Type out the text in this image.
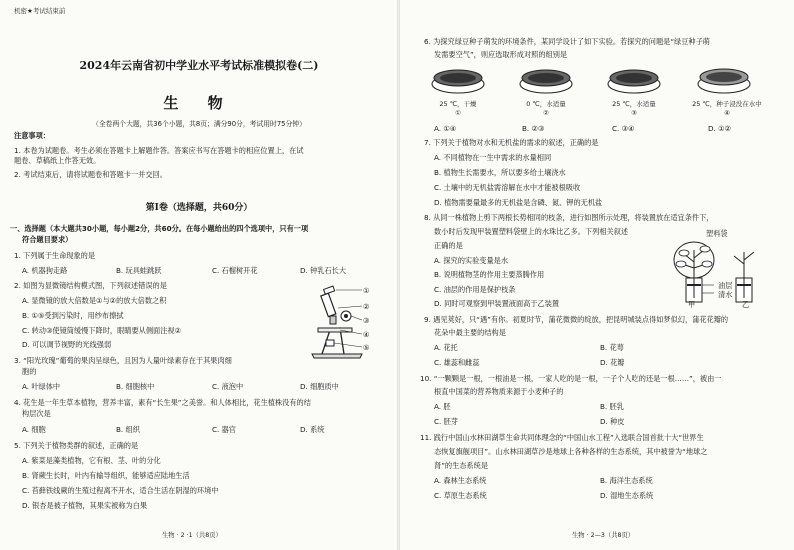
机密★考试结束前
2024年云南省初中学业水平考试标准模拟卷(二)
生 物
（全卷两个大题，共36个小题，共8页；满分90分，考试用时75分钟）
注意事项：
1. 本卷为试题卷。考生必须在答题卡上解题作答。答案应书写在答题卡的相应位置上，在试
题卷、草稿纸上作答无效。
2. 考试结束后，请将试题卷和答题卡一并交回。
第Ⅰ卷（选择题，共60分）
一、选择题（本大题共30小题，每小题2分，共60分。在每小题给出的四个选项中，只有一项
符合题目要求）
1. 下列属于生命现象的是
A. 机器狗走路	B. 玩具蛙跳跃	C. 石榴树开花	D. 钟乳石长大
2. 如图为显微镜结构模式图，下列叙述错误的是
A. 显微镜的放大倍数是①与②的放大倍数之积
B. ①⑤受到污染时，用纱布擦拭
C. 转动③使镜筒缓慢下降时，眼睛要从侧面注视②
D. 可以调节视野的光线强弱
①
②
③
④
⑤
3. “阳光玫瑰”葡萄的果肉呈绿色，且因为人量叶绿素存在于其果肉细
胞的
A. 叶绿体中	B. 细胞核中	C. 液泡中	D. 细胞质中
4. 花生是一年生草本植物，营养丰富，素有“长生果”之美誉。和人体相比，花生植株没有的结
构层次是
A. 细胞	B. 组织	C. 器官	D. 系统
5. 下列关于植物类群的叙述，正确的是
A. 紫菜是藻类植物，它有根、茎、叶的分化
B. 肾蕨生长时，叶内有输导组织，能够适应陆地生活
C. 苔藓铁线蕨的生殖过程离不开水，适合生活在阴湿的环境中
D. 银杏是被子植物，其果实被称为白果
生物 · 2 ·1（共8页）
6. 为探究绿豆种子萌发的环境条件，某同学设计了如下实验。若探究的问题是“绿豆种子萌
发需要空气”，则应选取形成对照的组别是
25 ℃，干燥	0 ℃，水适量	25 ℃，水适量	25 ℃，种子浸没在水中
①	②	③	④
A. ①④	B. ②③	C. ③④	D. ①②
7. 下列关于植物对水和无机盐的需求的叙述，正确的是
A. 不同植物在一生中需求的水量相同
B. 植物生长需要水，所以要多给土壤浇水
C. 土壤中的无机盐需溶解在水中才能被根吸收
D. 植物需要量最多的无机盐是含磷、氮、钾的无机盐
8. 从同一株植物上剪下两根长势相同的枝条，进行如图所示处理，将装置放在适宜条件下，
数小时后发现甲装置塑料袋壁上的水珠比乙多。下列相关叙述
正确的是
A. 探究的实验变量是水
B. 说明植物茎的作用主要蒸腾作用
C. 油层的作用是保护枝条
D. 同时可观察到甲装置液面高于乙装置
塑料袋
油层
清水
甲	乙
9. 遇见荚好，只“遇”有你。初夏时节，蒲花微微的绽放，把昆明城装点得如梦似幻，蒲花花瓣的
花朵中最主要的结构是
A. 花托	B. 花萼
C. 雄蕊和雌蕊	D. 花瓣
10. “一颗颗是一根，一根油是一根，一家人吃的是一根，一子个人吃的还是一根……”，被由一
根直中国菜的营养物质来源于小麦种子的
A. 胚	B. 胚乳
C. 胚芽	D. 种皮
11. 践行中国山水林田湖草生命共同体理念的“中国山水工程”入选联合国首批十大“世界生
态恢复旗舰项目”。山水林田湖草沙是地球上各种各样的生态系统，其中被誉为“地球之
肾”的生态系统是
A. 森林生态系统	B. 海洋生态系统
C. 草原生态系统	D. 湿地生态系统
生物 · 2—3（共8页）
